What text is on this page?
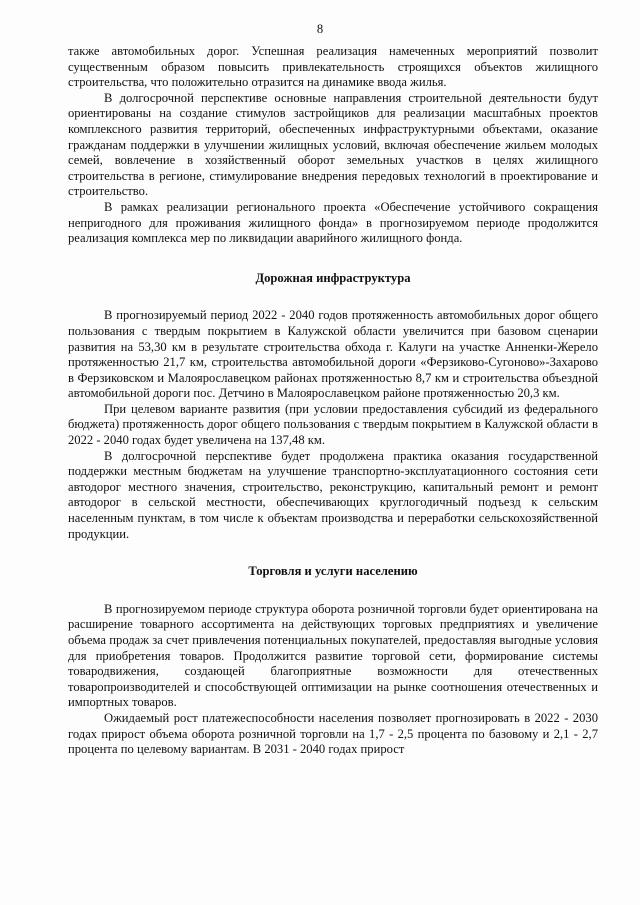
8

также автомобильных дорог. Успешная реализация намеченных мероприятий позволит существенным образом повысить привлекательность строящихся объектов жилищного строительства, что положительно отразится на динамике ввода жилья.

В долгосрочной перспективе основные направления строительной деятельности будут ориентированы на создание стимулов застройщиков для реализации масштабных проектов комплексного развития территорий, обеспеченных инфраструктурными объектами, оказание гражданам поддержки в улучшении жилищных условий, включая обеспечение жильем молодых семей, вовлечение в хозяйственный оборот земельных участков в целях жилищного строительства в регионе, стимулирование внедрения передовых технологий в проектирование и строительство.

В рамках реализации регионального проекта «Обеспечение устойчивого сокращения непригодного для проживания жилищного фонда» в прогнозируемом периоде продолжится реализация комплекса мер по ликвидации аварийного жилищного фонда.

Дорожная инфраструктура

В прогнозируемый период 2022 - 2040 годов протяженность автомобильных дорог общего пользования с твердым покрытием в Калужской области увеличится при базовом сценарии развития на 53,30 км в результате строительства обхода г. Калуги на участке Анненки-Жерело протяженностью 21,7 км, строительства автомобильной дороги «Ферзиково-Сугоново»-Захарово в Ферзиковском и Малоярославецком районах протяженностью 8,7 км и строительства объездной автомобильной дороги пос. Детчино в Малоярославецком районе протяженностью 20,3 км.

При целевом варианте развития (при условии предоставления субсидий из федерального бюджета) протяженность дорог общего пользования с твердым покрытием в Калужской области в 2022 - 2040 годах будет увеличена на 137,48 км.

В долгосрочной перспективе будет продолжена практика оказания государственной поддержки местным бюджетам на улучшение транспортно-эксплуатационного состояния сети автодорог местного значения, строительство, реконструкцию, капитальный ремонт и ремонт автодорог в сельской местности, обеспечивающих круглогодичный подъезд к сельским населенным пунктам, в том числе к объектам производства и переработки сельскохозяйственной продукции.

Торговля и услуги населению

В прогнозируемом периоде структура оборота розничной торговли будет ориентирована на расширение товарного ассортимента на действующих торговых предприятиях и увеличение объема продаж за счет привлечения потенциальных покупателей, предоставляя выгодные условия для приобретения товаров. Продолжится развитие торговой сети, формирование системы товародвижения, создающей благоприятные возможности для отечественных товаропроизводителей и способствующей оптимизации на рынке соотношения отечественных и импортных товаров.

Ожидаемый рост платежеспособности населения позволяет прогнозировать в 2022 - 2030 годах прирост объема оборота розничной торговли на 1,7 - 2,5 процента по базовому и 2,1 - 2,7 процента по целевому вариантам. В 2031 - 2040 годах прирост
